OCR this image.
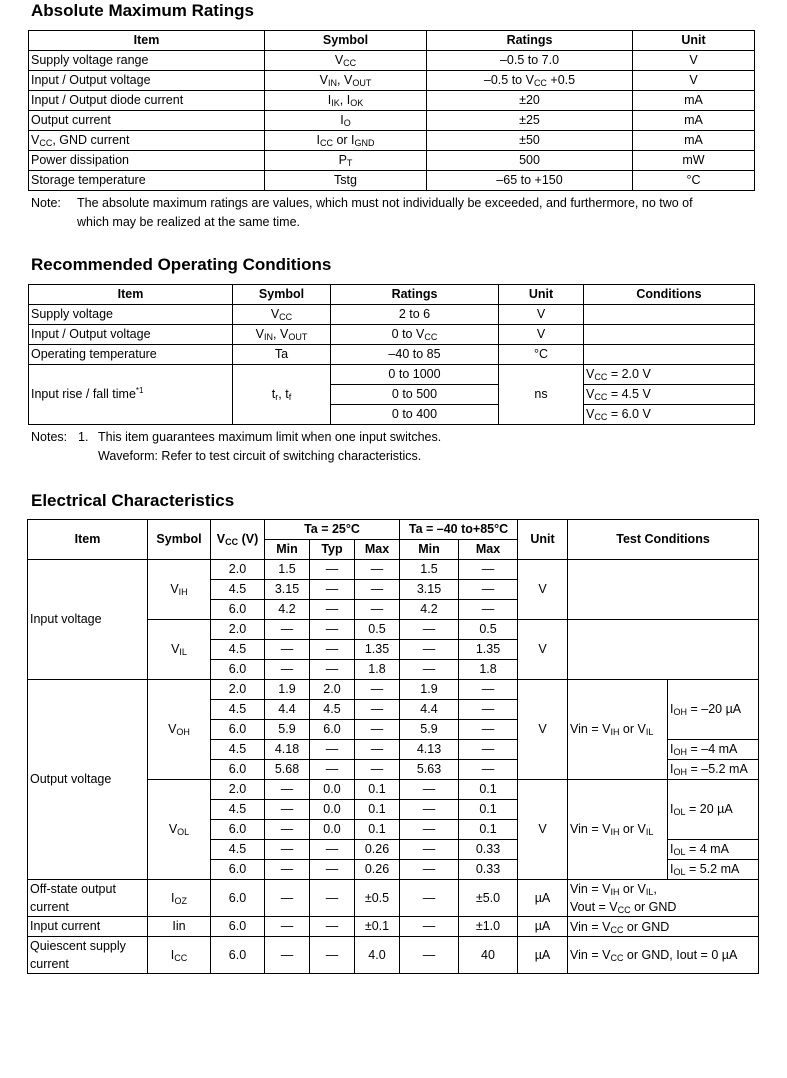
Absolute Maximum Ratings
Item	Symbol	Ratings	Unit
Supply voltage range	$V_{CC}$	–0.5 to 7.0	V
Input / Output voltage	$V_{IN}$, $V_{OUT}$	–0.5 to $V_{CC} +0.5$	V
Input / Output diode current	$I_{IK}$, $I_{OK}$	±20	mA
Output current	$I_O$	±25	mA
$V_{CC}$, GND current	$I_{CC}$ or $I_{GND}$	±50	mA
Power dissipation	$P_T$	500	mW
Storage temperature	Tstg	–65 to +150	°C
Note: The absolute maximum ratings are values, which must not individually be exceeded, and furthermore, no two of
which may be realized at the same time.
Recommended Operating Conditions
Item	Symbol	Ratings	Unit	Conditions
Supply voltage	$V_{CC}$	2 to 6	V	
Input / Output voltage	$V_{IN}$, $V_{OUT}$	0 to $V_{CC}$	V	
Operating temperature	Ta	–40 to 85	°C	
Input rise / fall time$^{*1}$	$t_r$, $t_f$	0 to 1000	ns	$V_{CC} = 2.0$ V
		0 to 500		$V_{CC} = 4.5$ V
		0 to 400		$V_{CC} = 6.0$ V
Notes: 1. This item guarantees maximum limit when one input switches.
Waveform: Refer to test circuit of switching characteristics.
Electrical Characteristics
Item	Symbol	$V_{CC}$ (V)	Ta = 25°C			Ta = –40 to+85°C		Unit	Test Conditions	
			Min	Typ	Max	Min	Max			
Input voltage	$V_{IH}$	2.0	1.5	—	—	1.5	—	V		
		4.5	3.15	—	—	3.15	—			
		6.0	4.2	—	—	4.2	—			
	$V_{IL}$	2.0	—	—	0.5	—	0.5	V		
		4.5	—	—	1.35	—	1.35			
		6.0	—	—	1.8	—	1.8			
Output voltage	$V_{OH}$	2.0	1.9	2.0	—	1.9	—	V	Vin = $V_{IH}$ or $V_{IL}$	$I_{OH} = -20$ µA
		4.5	4.4	4.5	—	4.4	—			
		6.0	5.9	6.0	—	5.9	—			
		4.5	4.18	—	—	4.13	—			$I_{OH} = -4$ mA
		6.0	5.68	—	—	5.63	—			$I_{OH} = -5.2$ mA
	$V_{OL}$	2.0	—	0.0	0.1	—	0.1	V	Vin = $V_{IH}$ or $V_{IL}$	$I_{OL} = 20$ µA
		4.5	—	0.0	0.1	—	0.1			
		6.0	—	0.0	0.1	—	0.1			
		4.5	—	—	0.26	—	0.33			$I_{OL} = 4$ mA
		6.0	—	—	0.26	—	0.33			$I_{OL} = 5.2$ mA
Off-state output current	$I_{OZ}$	6.0	—	—	±0.5	—	±5.0	µA	Vin = $V_{IH}$ or $V_{IL}$,
Vout = $V_{CC}$ or GND	
Input current	Iin	6.0	—	—	±0.1	—	±1.0	µA	Vin = $V_{CC}$ or GND	
Quiescent supply current	$I_{CC}$	6.0	—	—	4.0	—	40	µA	Vin = $V_{CC}$ or GND, Iout = 0 µA	
